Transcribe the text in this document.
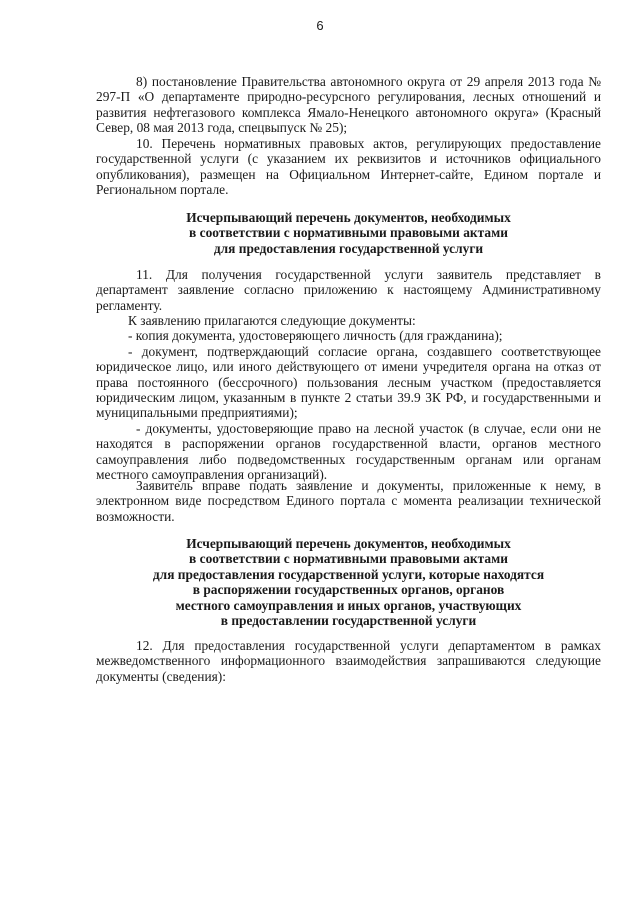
6

8) постановление Правительства автономного округа от 29 апреля 2013 года № 297-П «О департаменте природно-ресурсного регулирования, лесных отношений и развития нефтегазового комплекса Ямало-Ненецкого автономного округа» (Красный Север, 08 мая 2013 года, спецвыпуск № 25);

10. Перечень нормативных правовых актов, регулирующих предоставление государственной услуги (с указанием их реквизитов и источников официального опубликования), размещен на Официальном Интернет-сайте, Едином портале и Региональном портале.

Исчерпывающий перечень документов, необходимых

в соответствии с нормативными правовыми актами

для предоставления государственной услуги

11. Для получения государственной услуги заявитель представляет в департамент заявление согласно приложению к настоящему Административному регламенту.

К заявлению прилагаются следующие документы:

- копия документа, удостоверяющего личность (для гражданина);

- документ, подтверждающий согласие органа, создавшего соответствующее юридическое лицо, или иного действующего от имени учредителя органа на отказ от права постоянного (бессрочного) пользования лесным участком (предоставляется юридическим лицом, указанным в пункте 2 статьи 39.9 ЗК РФ, и государственными и муниципальными предприятиями);

- документы, удостоверяющие право на лесной участок (в случае, если они не находятся в распоряжении органов государственной власти, органов местного самоуправления либо подведомственных государственным органам или органам местного самоуправления организаций).

Заявитель вправе подать заявление и документы, приложенные к нему, в электронном виде посредством Единого портала с момента реализации технической возможности.

Исчерпывающий перечень документов, необходимых

в соответствии с нормативными правовыми актами

для предоставления государственной услуги, которые находятся

в распоряжении государственных органов, органов

местного самоуправления и иных органов, участвующих

в предоставлении государственной услуги

12. Для предоставления государственной услуги департаментом в рамках межведомственного информационного взаимодействия запрашиваются следующие документы (сведения):
